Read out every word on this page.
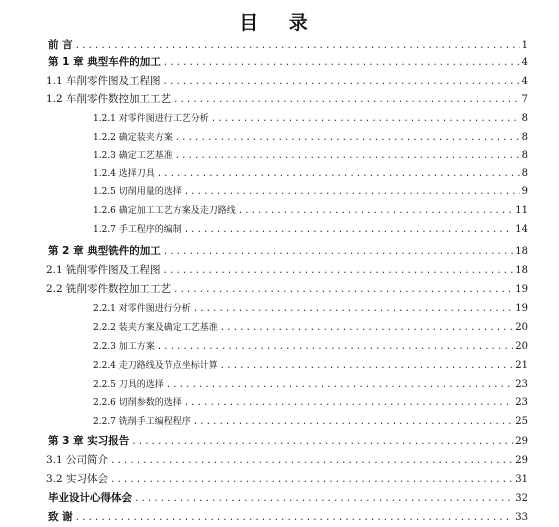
目 录
前 言 .....	1
第 1 章 典型车件的加工 .....	4
1.1 车削零件图及工程图 .....	4
1.2 车削零件数控加工工艺 .....	7
1.2.1 对零件图进行工艺分析 .....	8
1.2.2 确定装夹方案 .....	8
1.2.3 确定工艺基准 .....	8
1.2.4 选择刀具 .....	8
1.2.5 切削用量的选择 .....	9
1.2.6 确定加工工艺方案及走刀路线 .....	11
1.2.7 手工程序的编制 .....	14
第 2 章 典型铣件的加工 .....	18
2.1 铣削零件图及工程图 .....	18
2.2 铣削零件数控加工工艺 .....	19
2.2.1 对零件图进行分析 .....	19
2.2.2 装夹方案及确定工艺基准 .....	20
2.2.3 加工方案 .....	20
2.2.4 走刀路线及节点坐标计算 .....	21
2.2.5 刀具的选择 .....	23
2.2.6 切削参数的选择 .....	23
2.2.7 铣削手工编程程序 .....	25
第 3 章 实习报告 .....	29
3.1 公司简介 .....	29
3.2 实习体会 .....	31
毕业设计心得体会 .....	32
致 谢 .....	33
